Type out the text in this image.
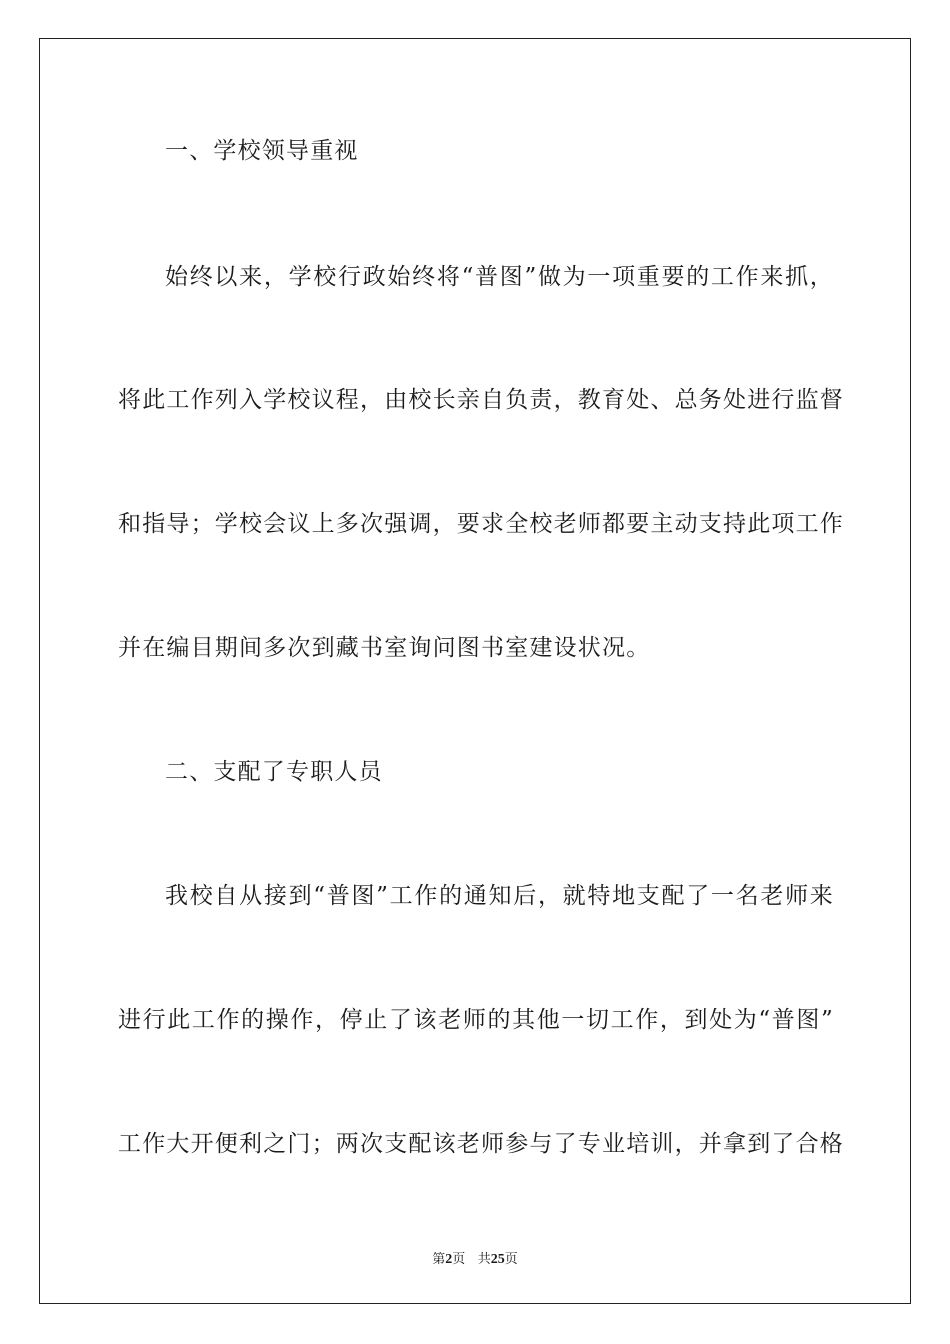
一、学校领导重视
始终以来，学校行政始终将“普图”做为一项重要的工作来抓，
将此工作列入学校议程，由校长亲自负责，教育处、总务处进行监督
和指导；学校会议上多次强调，要求全校老师都要主动支持此项工作
并在编目期间多次到藏书室询问图书室建设状况。
二、支配了专职人员
我校自从接到“普图”工作的通知后，就特地支配了一名老师来
进行此工作的操作，停止了该老师的其他一切工作，到处为“普图”
工作大开便利之门；两次支配该老师参与了专业培训，并拿到了合格
第2页 共25页
